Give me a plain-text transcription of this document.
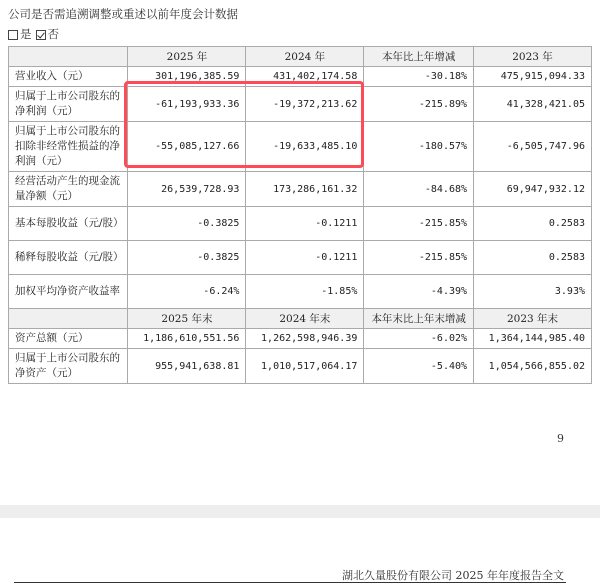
公司是否需追溯调整或重述以前年度会计数据
是	否
	2025 年	2024 年	本年比上年增减	2023 年
营业收入（元）	301,196,385.59	431,402,174.58	-30.18%	475,915,094.33
归属于上市公司股东的净利润（元）	-61,193,933.36	-19,372,213.62	-215.89%	41,328,421.05
归属于上市公司股东的扣除非经常性损益的净利润（元）	-55,085,127.66	-19,633,485.10	-180.57%	-6,505,747.96
经营活动产生的现金流量净额（元）	26,539,728.93	173,286,161.32	-84.68%	69,947,932.12
基本每股收益（元/股）	-0.3825	-0.1211	-215.85%	0.2583
稀释每股收益（元/股）	-0.3825	-0.1211	-215.85%	0.2583
加权平均净资产收益率	-6.24%	-1.85%	-4.39%	3.93%
	2025 年末	2024 年末	本年末比上年末增减	2023 年末
资产总额（元）	1,186,610,551.56	1,262,598,946.39	-6.02%	1,364,144,985.40
归属于上市公司股东的净资产（元）	955,941,638.81	1,010,517,064.17	-5.40%	1,054,566,855.02
9
湖北久量股份有限公司 2025 年年度报告全文
